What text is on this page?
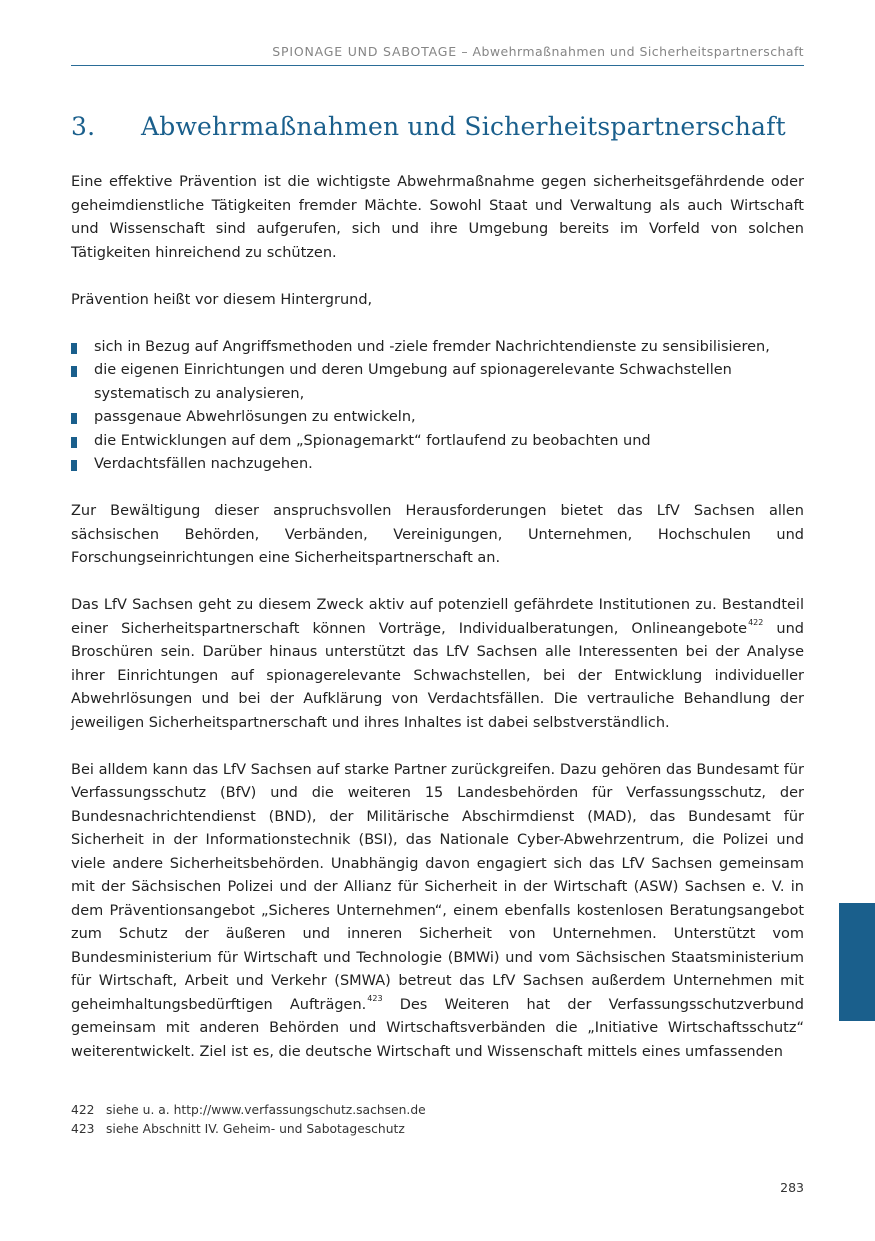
SPIONAGE UND SABOTAGE – Abwehrmaßnahmen und Sicherheitspartnerschaft
3. Abwehrmaßnahmen und Sicherheitspartnerschaft

Eine effektive Prävention ist die wichtigste Abwehrmaßnahme gegen sicherheitsgefährdende oder geheimdienstliche Tätigkeiten fremder Mächte. Sowohl Staat und Verwaltung als auch Wirtschaft und Wissenschaft sind aufgerufen, sich und ihre Umgebung bereits im Vorfeld von solchen Tätigkeiten hinreichend zu schützen.

Prävention heißt vor diesem Hintergrund,

sich in Bezug auf Angriffsmethoden und -ziele fremder Nachrichtendienste zu sensibilisieren,
die eigenen Einrichtungen und deren Umgebung auf spionagerelevante Schwachstellen systematisch zu analysieren,
passgenaue Abwehrlösungen zu entwickeln,
die Entwicklungen auf dem „Spionagemarkt“ fortlaufend zu beobachten und
Verdachtsfällen nachzugehen.

Zur Bewältigung dieser anspruchsvollen Herausforderungen bietet das LfV Sachsen allen sächsischen Behörden, Verbänden, Vereinigungen, Unternehmen, Hochschulen und Forschungseinrichtungen eine Sicherheitspartnerschaft an.

Das LfV Sachsen geht zu diesem Zweck aktiv auf potenziell gefährdete Institutionen zu. Bestandteil einer Sicherheitspartnerschaft können Vorträge, Individualberatungen, Onlineangebote$^{422}$ und Broschüren sein. Darüber hinaus unterstützt das LfV Sachsen alle Interessenten bei der Analyse ihrer Einrichtungen auf spionagerelevante Schwachstellen, bei der Entwicklung individueller Abwehrlösungen und bei der Aufklärung von Verdachtsfällen. Die vertrauliche Behandlung der jeweiligen Sicherheitspartnerschaft und ihres Inhaltes ist dabei selbstverständlich.

Bei alldem kann das LfV Sachsen auf starke Partner zurückgreifen. Dazu gehören das Bundesamt für Verfassungsschutz (BfV) und die weiteren 15 Landesbehörden für Verfassungsschutz, der Bundesnachrichtendienst (BND), der Militärische Abschirmdienst (MAD), das Bundesamt für Sicherheit in der Informationstechnik (BSI), das Nationale Cyber-Abwehrzentrum, die Polizei und viele andere Sicherheitsbehörden. Unabhängig davon engagiert sich das LfV Sachsen gemeinsam mit der Sächsischen Polizei und der Allianz für Sicherheit in der Wirtschaft (ASW) Sachsen e. V. in dem Präventionsangebot „Sicheres Unternehmen“, einem ebenfalls kostenlosen Beratungsangebot zum Schutz der äußeren und inneren Sicherheit von Unternehmen. Unterstützt vom Bundesministerium für Wirtschaft und Technologie (BMWi) und vom Sächsischen Staatsministerium für Wirtschaft, Arbeit und Verkehr (SMWA) betreut das LfV Sachsen außerdem Unternehmen mit geheimhaltungsbedürftigen Aufträgen.$^{423}$ Des Weiteren hat der Verfassungsschutzverbund gemeinsam mit anderen Behörden und Wirtschaftsverbänden die „Initiative Wirtschaftsschutz“ weiterentwickelt. Ziel ist es, die deutsche Wirtschaft und Wissenschaft mittels eines umfassenden

422 siehe u. a. http://www.verfassungschutz.sachsen.de
423 siehe Abschnitt IV. Geheim- und Sabotageschutz
283
